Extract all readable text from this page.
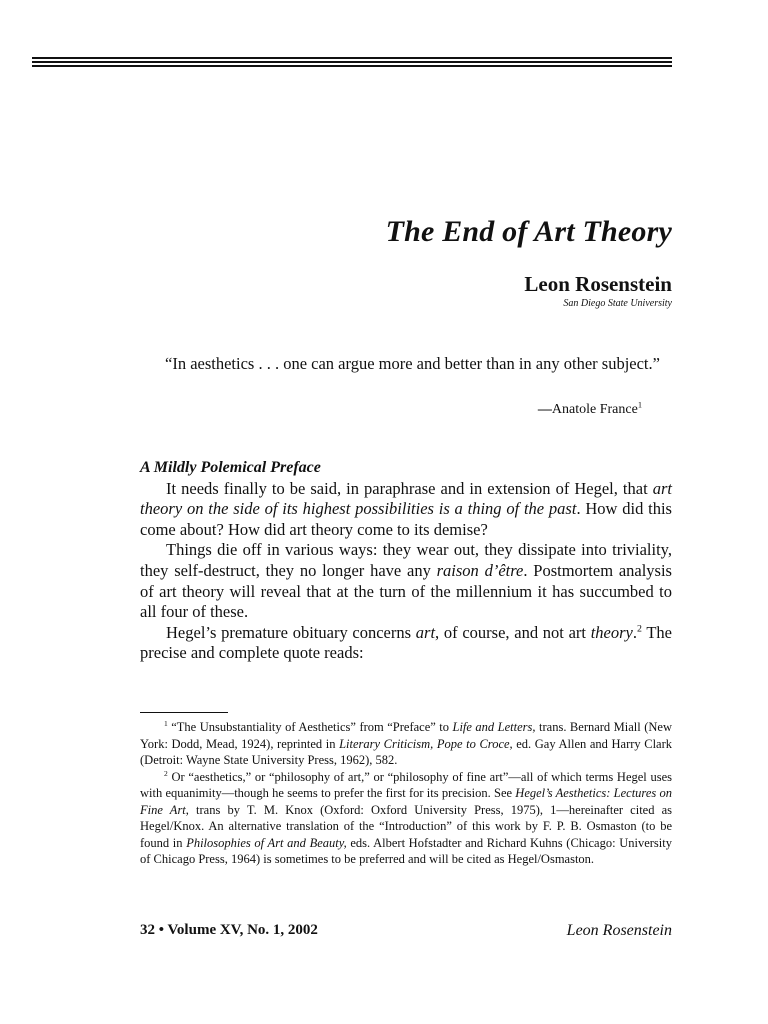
The End of Art Theory
Leon Rosenstein
San Diego State University

“In aesthetics . . . one can argue more and better than in any other subject.”

—Anatole France$^1$

A Mildly Polemical Preface

It needs finally to be said, in paraphrase and in extension of Hegel, that art theory on the side of its highest possibilities is a thing of the past. How did this come about? How did art theory come to its demise?

Things die off in various ways: they wear out, they dissipate into triviality, they self-destruct, they no longer have any raison d’être. Postmortem analysis of art theory will reveal that at the turn of the millennium it has succumbed to all four of these.

Hegel’s premature obituary concerns art, of course, and not art theory.$^2$ The precise and complete quote reads:

$^1$ “The Unsubstantiality of Aesthetics” from “Preface” to Life and Letters, trans. Bernard Miall (New York: Dodd, Mead, 1924), reprinted in Literary Criticism, Pope to Croce, ed. Gay Allen and Harry Clark (Detroit: Wayne State University Press, 1962), 582.

$^2$ Or “aesthetics,” or “philosophy of art,” or “philosophy of fine art”—all of which terms Hegel uses with equanimity—though he seems to prefer the first for its precision. See Hegel’s Aesthetics: Lectures on Fine Art, trans by T. M. Knox (Oxford: Oxford University Press, 1975), 1—hereinafter cited as Hegel/Knox. An alternative translation of the “Introduction” of this work by F. P. B. Osmaston (to be found in Philosophies of Art and Beauty, eds. Albert Hofstadter and Richard Kuhns (Chicago: University of Chicago Press, 1964) is sometimes to be preferred and will be cited as Hegel/Osmaston.

32 • Volume XV, No. 1, 2002	Leon Rosenstein
